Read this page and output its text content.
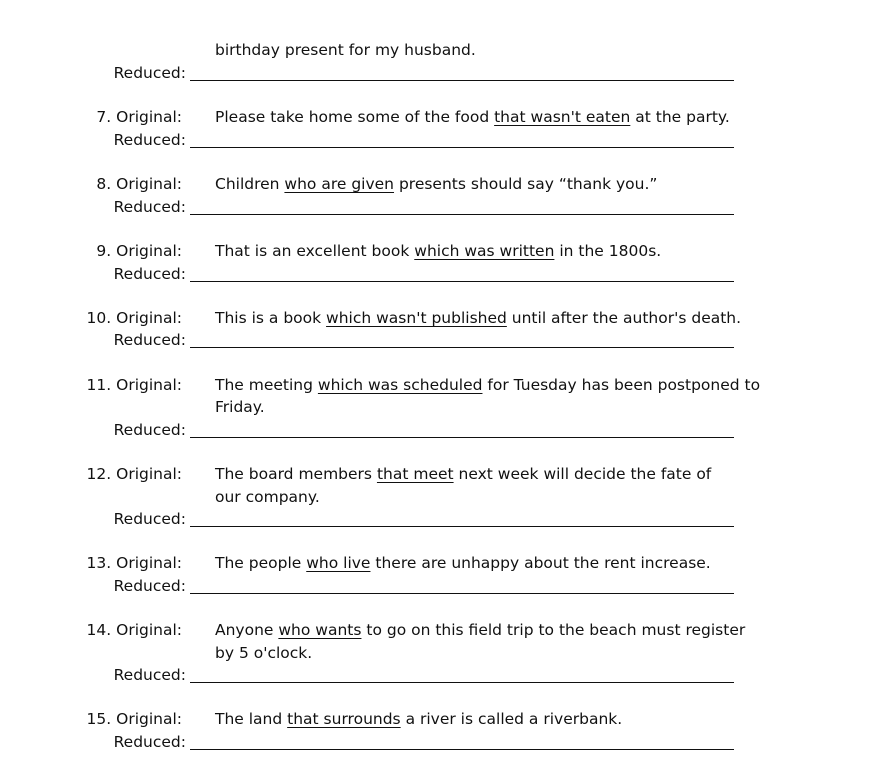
birthday present for my husband.
Reduced:
7. Original: Please take home some of the food that wasn't eaten at the party.
Reduced:
8. Original: Children who are given presents should say “thank you.”
Reduced:
9. Original: That is an excellent book which was written in the 1800s.
Reduced:
10. Original: This is a book which wasn't published until after the author's death.
Reduced:
11. Original: The meeting which was scheduled for Tuesday has been postponed to
Friday.
Reduced:
12. Original: The board members that meet next week will decide the fate of
our company.
Reduced:
13. Original: The people who live there are unhappy about the rent increase.
Reduced:
14. Original: Anyone who wants to go on this field trip to the beach must register
by 5 o'clock.
Reduced:
15. Original: The land that surrounds a river is called a riverbank.
Reduced:
